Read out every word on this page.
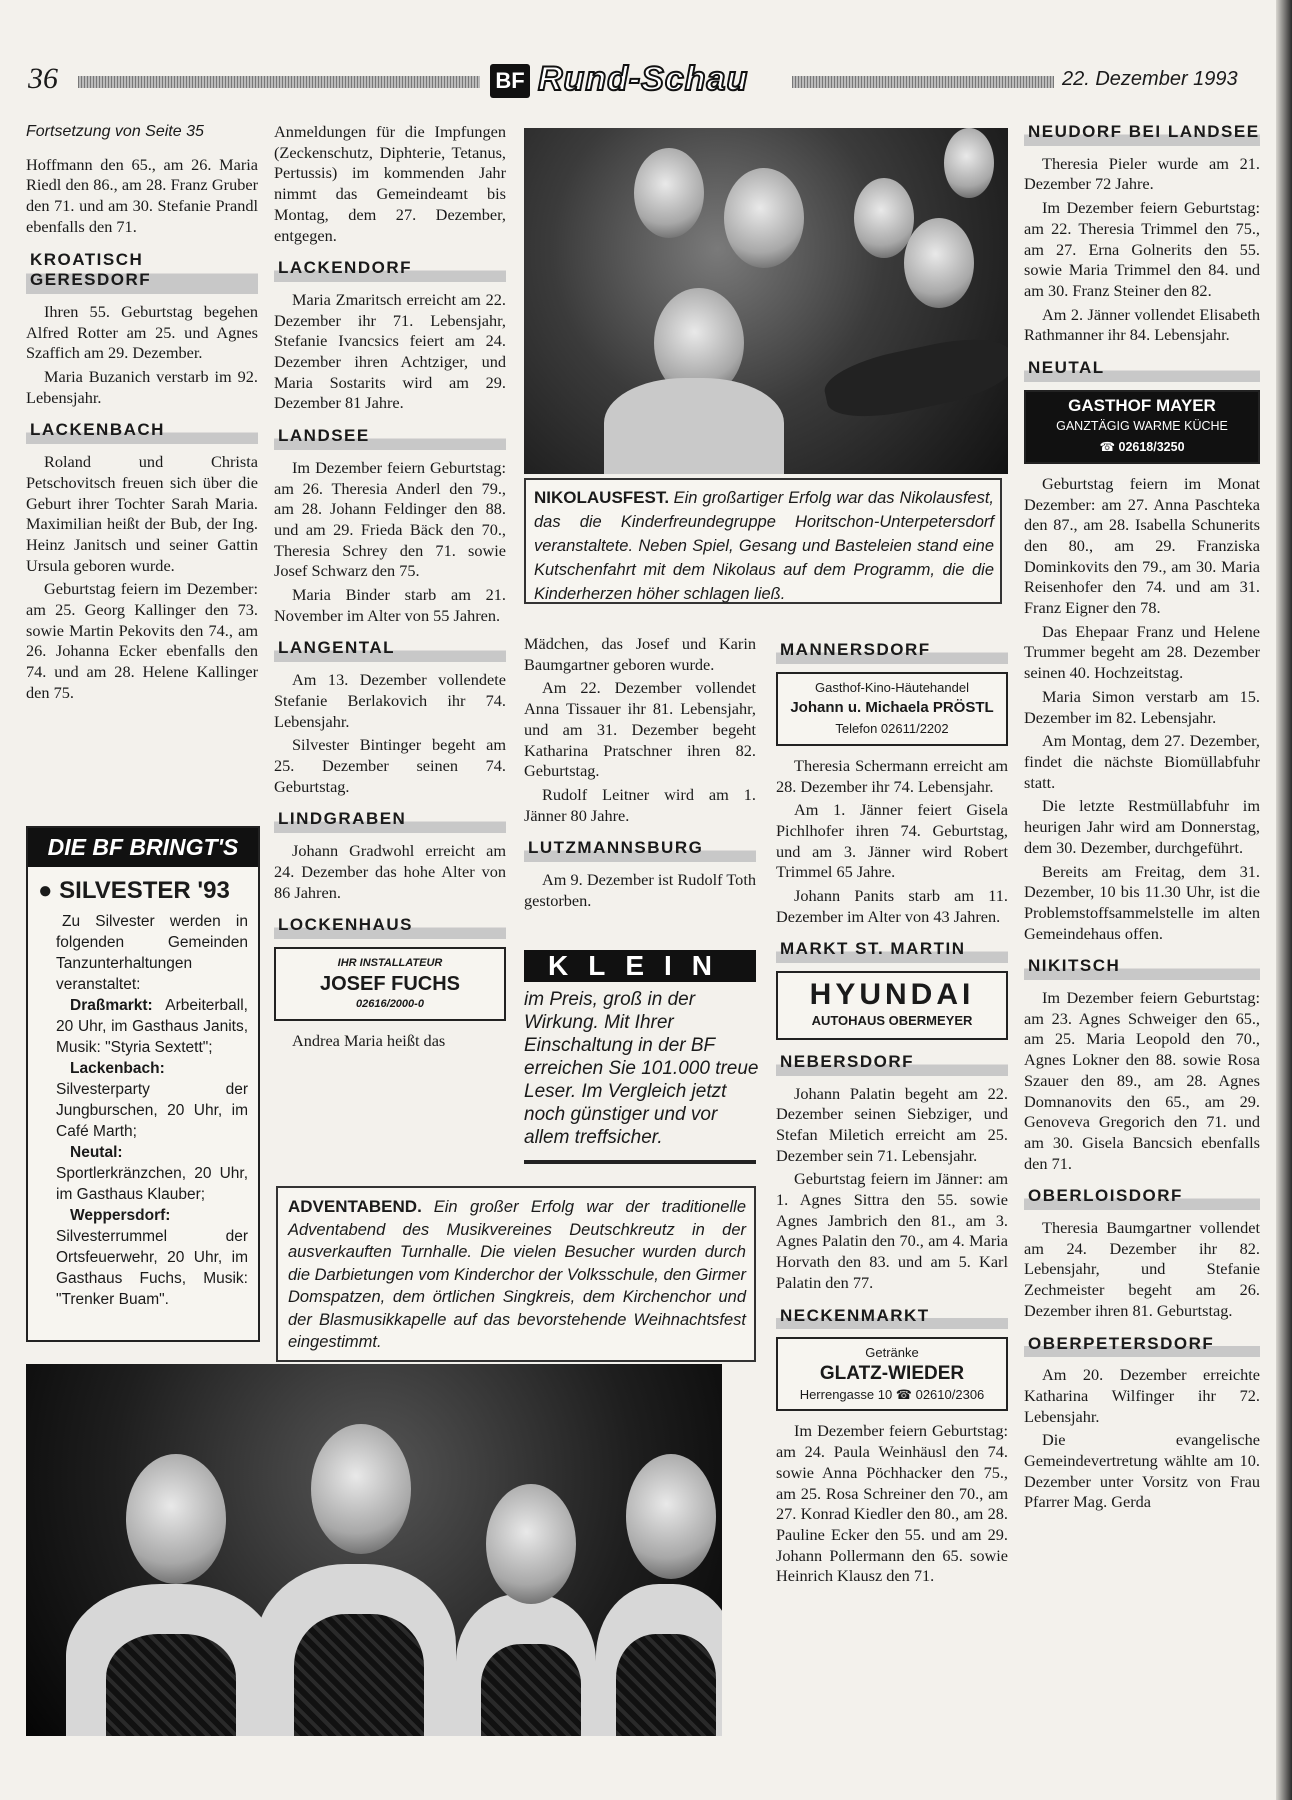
36	BF Rund-Schau	22. Dezember 1993

Fortsetzung von Seite 35

Hoffmann den 65., am 26. Maria Riedl den 86., am 28. Franz Gruber den 71. und am 30. Stefanie Prandl ebenfalls den 71.

KROATISCH GERESDORF

Ihren 55. Geburtstag begehen Alfred Rotter am 25. und Agnes Szaffich am 29. Dezember.

Maria Buzanich verstarb im 92. Lebensjahr.

LACKENBACH

Roland und Christa Petschovitsch freuen sich über die Geburt ihrer Tochter Sarah Maria. Maximilian heißt der Bub, der Ing. Heinz Janitsch und seiner Gattin Ursula geboren wurde.

Geburtstag feiern im Dezember: am 25. Georg Kallinger den 73. sowie Martin Pekovits den 74., am 26. Johanna Ecker ebenfalls den 74. und am 28. Helene Kallinger den 75.

DIE BF BRINGT'S
● SILVESTER '93
Zu Silvester werden in folgenden Gemeinden Tanzunterhaltungen veranstaltet:
Draßmarkt: Arbeiterball, 20 Uhr, im Gasthaus Janits, Musik: "Styria Sextett";
Lackenbach: Silvesterparty der Jungburschen, 20 Uhr, im Café Marth;
Neutal: Sportlerkränzchen, 20 Uhr, im Gasthaus Klauber;
Weppersdorf: Silvesterrummel der Ortsfeuerwehr, 20 Uhr, im Gasthaus Fuchs, Musik: "Trenker Buam".

Anmeldungen für die Impfungen (Zeckenschutz, Diphterie, Tetanus, Pertussis) im kommenden Jahr nimmt das Gemeindeamt bis Montag, dem 27. Dezember, entgegen.

LACKENDORF

Maria Zmaritsch erreicht am 22. Dezember ihr 71. Lebensjahr, Stefanie Ivancsics feiert am 24. Dezember ihren Achtziger, und Maria Sostarits wird am 29. Dezember 81 Jahre.

LANDSEE

Im Dezember feiern Geburtstag: am 26. Theresia Anderl den 79., am 28. Johann Feldinger den 88. und am 29. Frieda Bäck den 70., Theresia Schrey den 71. sowie Josef Schwarz den 75.

Maria Binder starb am 21. November im Alter von 55 Jahren.

LANGENTAL

Am 13. Dezember vollendete Stefanie Berlakovich ihr 74. Lebensjahr.

Silvester Bintinger begeht am 25. Dezember seinen 74. Geburtstag.

LINDGRABEN

Johann Gradwohl erreicht am 24. Dezember das hohe Alter von 86 Jahren.

LOCKENHAUS
IHR INSTALLATEUR
JOSEF FUCHS
02616/2000-0

Andrea Maria heißt das

NIKOLAUSFEST. Ein großartiger Erfolg war das Nikolausfest, das die Kinderfreundegruppe Horitschon-Unterpetersdorf veranstaltete. Neben Spiel, Gesang und Basteleien stand eine Kutschenfahrt mit dem Nikolaus auf dem Programm, die die Kinderherzen höher schlagen ließ.

Mädchen, das Josef und Karin Baumgartner geboren wurde.

Am 22. Dezember vollendet Anna Tissauer ihr 81. Lebensjahr, und am 31. Dezember begeht Katharina Pratschner ihren 82. Geburtstag.

Rudolf Leitner wird am 1. Jänner 80 Jahre.

LUTZMANNSBURG

Am 9. Dezember ist Rudolf Toth gestorben.

KLEIN
im Preis, groß in der Wirkung. Mit Ihrer Einschaltung in der BF erreichen Sie 101.000 treue Leser. Im Vergleich jetzt noch günstiger und vor allem treffsicher.
ADVENTABEND. Ein großer Erfolg war der traditionelle Adventabend des Musikvereines Deutschkreutz in der ausverkauften Turnhalle. Die vielen Besucher wurden durch die Darbietungen vom Kinderchor der Volksschule, den Girmer Domspatzen, dem örtlichen Singkreis, dem Kirchenchor und der Blasmusikkapelle auf das bevorstehende Weihnachtsfest eingestimmt.
MANNERSDORF
Gasthof-Kino-Häutehandel
Johann u. Michaela PRÖSTL
Telefon 02611/2202

Theresia Schermann erreicht am 28. Dezember ihr 74. Lebensjahr.

Am 1. Jänner feiert Gisela Pichlhofer ihren 74. Geburtstag, und am 3. Jänner wird Robert Trimmel 65 Jahre.

Johann Panits starb am 11. Dezember im Alter von 43 Jahren.

MARKT ST. MARTIN
HYUNDAI
AUTOHAUS OBERMEYER
NEBERSDORF

Johann Palatin begeht am 22. Dezember seinen Siebziger, und Stefan Miletich erreicht am 25. Dezember sein 71. Lebensjahr.

Geburtstag feiern im Jänner: am 1. Agnes Sittra den 55. sowie Agnes Jambrich den 81., am 3. Agnes Palatin den 70., am 4. Maria Horvath den 83. und am 5. Karl Palatin den 77.

NECKENMARKT
Getränke
GLATZ-WIEDER
Herrengasse 10 ☎ 02610/2306

Im Dezember feiern Geburtstag: am 24. Paula Weinhäusl den 74. sowie Anna Pöchhacker den 75., am 25. Rosa Schreiner den 70., am 27. Konrad Kiedler den 80., am 28. Pauline Ecker den 55. und am 29. Johann Pollermann den 65. sowie Heinrich Klausz den 71.

NEUDORF BEI LANDSEE

Theresia Pieler wurde am 21. Dezember 72 Jahre.

Im Dezember feiern Geburtstag: am 22. Theresia Trimmel den 75., am 27. Erna Golnerits den 55. sowie Maria Trimmel den 84. und am 30. Franz Steiner den 82.

Am 2. Jänner vollendet Elisabeth Rathmanner ihr 84. Lebensjahr.

NEUTAL
GASTHOF MAYER
GANZTÄGIG WARME KÜCHE
☎ 02618/3250

Geburtstag feiern im Monat Dezember: am 27. Anna Paschteka den 87., am 28. Isabella Schunerits den 80., am 29. Franziska Dominkovits den 79., am 30. Maria Reisenhofer den 74. und am 31. Franz Eigner den 78.

Das Ehepaar Franz und Helene Trummer begeht am 28. Dezember seinen 40. Hochzeitstag.

Maria Simon verstarb am 15. Dezember im 82. Lebensjahr.

Am Montag, dem 27. Dezember, findet die nächste Biomüllabfuhr statt.

Die letzte Restmüllabfuhr im heurigen Jahr wird am Donnerstag, dem 30. Dezember, durchgeführt.

Bereits am Freitag, dem 31. Dezember, 10 bis 11.30 Uhr, ist die Problemstoffsammelstelle im alten Gemeindehaus offen.

NIKITSCH

Im Dezember feiern Geburtstag: am 23. Agnes Schweiger den 65., am 25. Maria Leopold den 70., Agnes Lokner den 88. sowie Rosa Szauer den 89., am 28. Agnes Domnanovits den 65., am 29. Genoveva Gregorich den 71. und am 30. Gisela Bancsich ebenfalls den 71.

OBERLOISDORF

Theresia Baumgartner vollendet am 24. Dezember ihr 82. Lebensjahr, und Stefanie Zechmeister begeht am 26. Dezember ihren 81. Geburtstag.

OBERPETERSDORF

Am 20. Dezember erreichte Katharina Wilfinger ihr 72. Lebensjahr.

Die evangelische Gemeindevertretung wählte am 10. Dezember unter Vorsitz von Frau Pfarrer Mag. Gerda
